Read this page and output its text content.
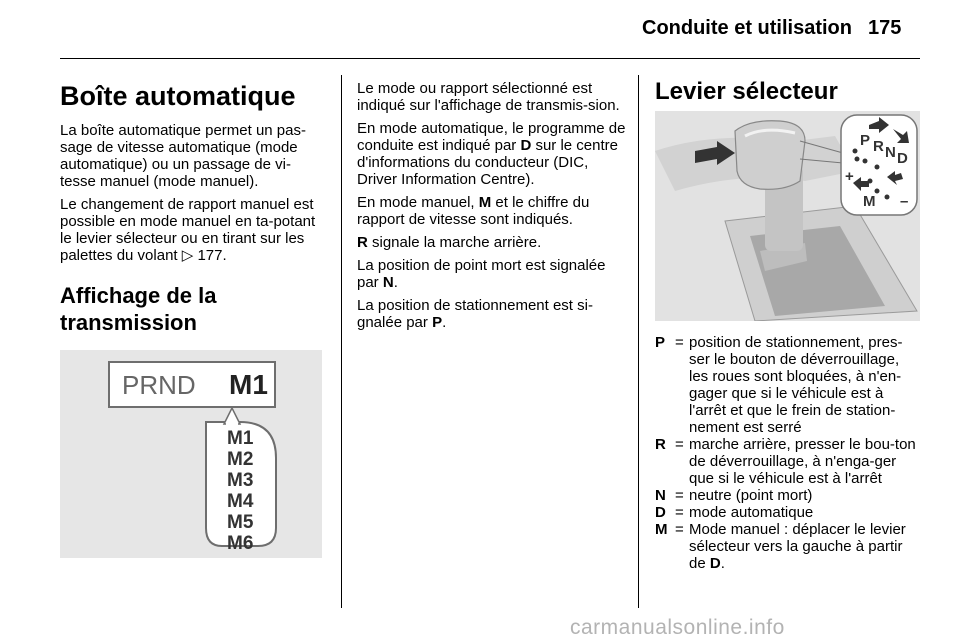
Conduite et utilisation 175
Boîte automatique

La boîte automatique permet un pas-sage de vitesse automatique (mode automatique) ou un passage de vi-tesse manuel (mode manuel).

Le changement de rapport manuel est possible en mode manuel en ta-potant le levier sélecteur ou en tirant sur les palettes du volant ▷ 177.

Affichage de la transmission
PRND M1
M1
M2
M3
M4
M5
M6

Le mode ou rapport sélectionné est indiqué sur l'affichage de transmis-sion.

En mode automatique, le programme de conduite est indiqué par D sur le centre d'informations du conducteur (DIC, Driver Information Centre).

En mode manuel, M et le chiffre du rapport de vitesse sont indiqués.

R signale la marche arrière.

La position de point mort est signalée par N.

La position de stationnement est si-gnalée par P.

Levier sélecteur
P R N D
M
+
–
P = position de stationnement, pres-ser le bouton de déverrouillage, les roues sont bloquées, à n'en-gager que si le véhicule est à l'arrêt et que le frein de station-nement est serré
R = marche arrière, presser le bou-ton de déverrouillage, à n'enga-ger que si le véhicule est à l'arrêt
N = neutre (point mort)
D = mode automatique
M = Mode manuel : déplacer le levier sélecteur vers la gauche à partir de D.
carmanualsonline.info
